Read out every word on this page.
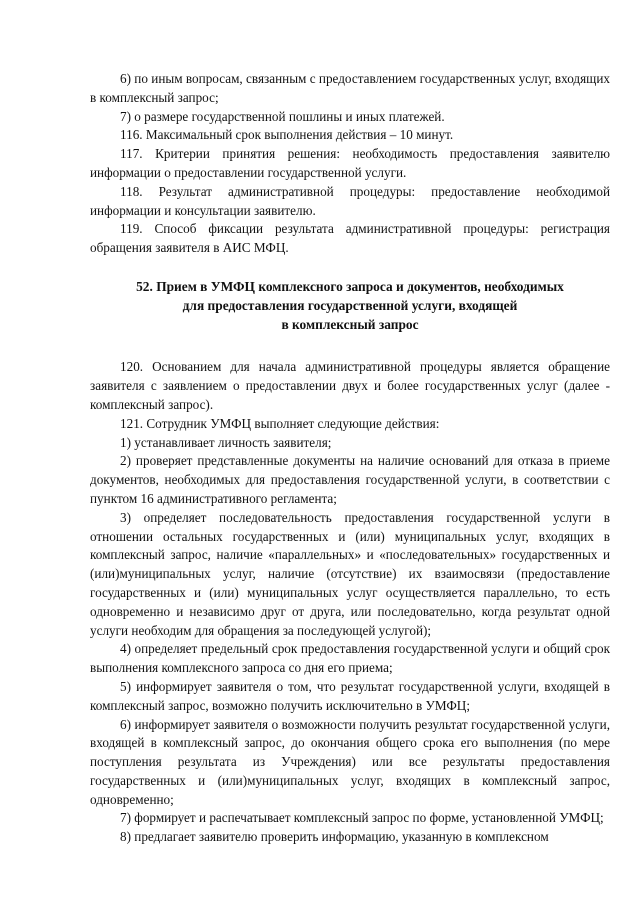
6) по иным вопросам, связанным с предоставлением государственных услуг, входящих в комплексный запрос;

7) о размере государственной пошлины и иных платежей.

116. Максимальный срок выполнения действия – 10 минут.

117. Критерии принятия решения: необходимость предоставления заявителю информации о предоставлении государственной услуги.

118. Результат административной процедуры: предоставление необходимой информации и консультации заявителю.

119. Способ фиксации результата административной процедуры: регистрация обращения заявителя в АИС МФЦ.

52. Прием в УМФЦ комплексного запроса и документов, необходимых
для предоставления государственной услуги, входящей
в комплексный запрос

120. Основанием для начала административной процедуры является обращение заявителя с заявлением о предоставлении двух и более государственных услуг (далее - комплексный запрос).

121. Сотрудник УМФЦ выполняет следующие действия:

1) устанавливает личность заявителя;

2) проверяет представленные документы на наличие оснований для отказа в приеме документов, необходимых для предоставления государственной услуги, в соответствии с пунктом 16 административного регламента;

3) определяет последовательность предоставления государственной услуги в отношении остальных государственных и (или) муниципальных услуг, входящих в комплексный запрос, наличие «параллельных» и «последовательных» государственных и (или)муниципальных услуг, наличие (отсутствие) их взаимосвязи (предоставление государственных и (или) муниципальных услуг осуществляется параллельно, то есть одновременно и независимо друг от друга, или последовательно, когда результат одной услуги необходим для обращения за последующей услугой);

4) определяет предельный срок предоставления государственной услуги и общий срок выполнения комплексного запроса со дня его приема;

5) информирует заявителя о том, что результат государственной услуги, входящей в комплексный запрос, возможно получить исключительно в УМФЦ;

6) информирует заявителя о возможности получить результат государственной услуги, входящей в комплексный запрос, до окончания общего срока его выполнения (по мере поступления результата из Учреждения) или все результаты предоставления государственных и (или)муниципальных услуг, входящих в комплексный запрос, одновременно;

7) формирует и распечатывает комплексный запрос по форме, установленной УМФЦ;

8) предлагает заявителю проверить информацию, указанную в комплексном
